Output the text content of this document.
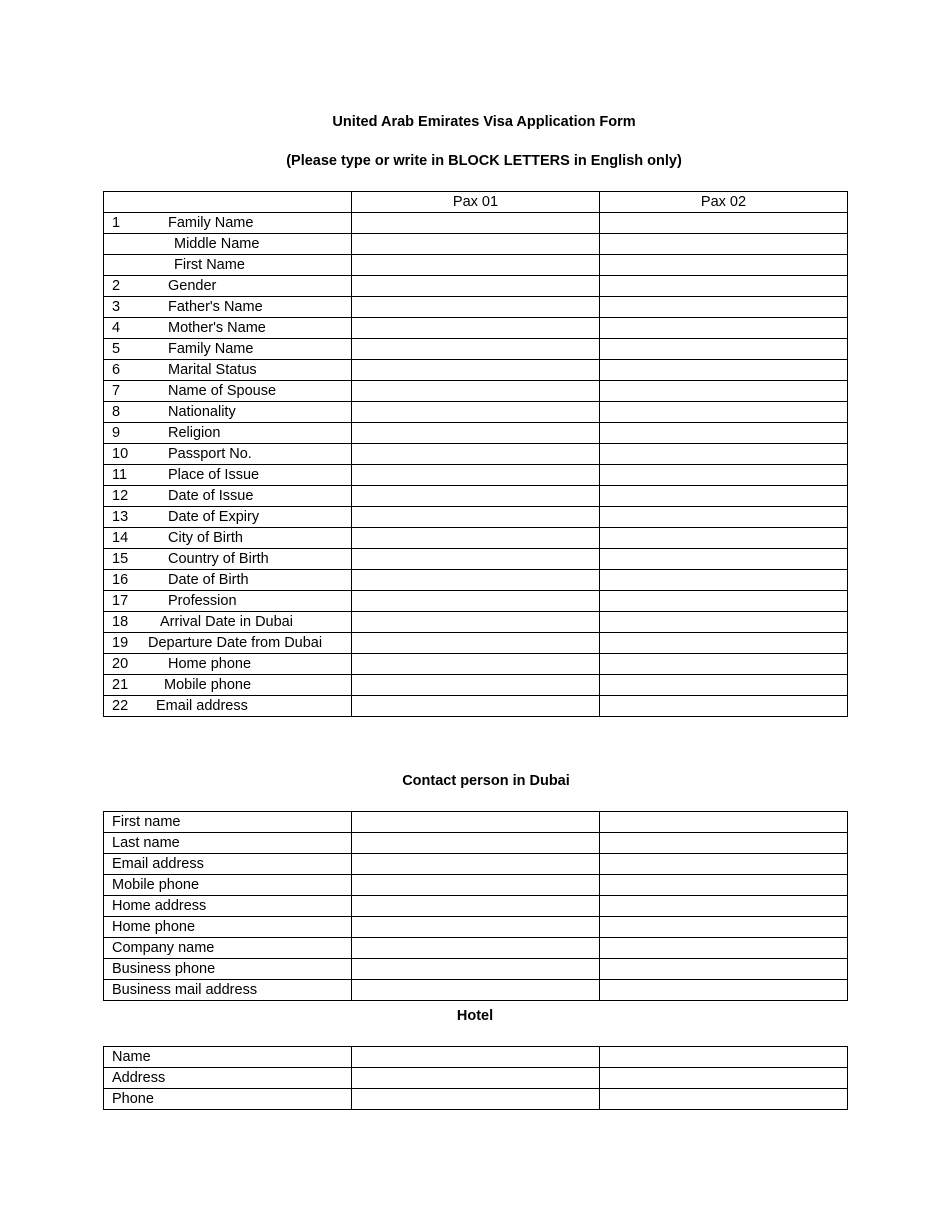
United Arab Emirates Visa Application Form
(Please type or write in BLOCK LETTERS in English only)
	Pax 01	Pax 02
1 Family Name		
Middle Name		
First Name		
2 Gender		
3 Father's Name		
4 Mother's Name		
5 Family Name		
6 Marital Status		
7 Name of Spouse		
8 Nationality		
9 Religion		
10 Passport No.		
11 Place of Issue		
12 Date of Issue		
13 Date of Expiry		
14 City of Birth		
15 Country of Birth		
16 Date of Birth		
17 Profession		
18 Arrival Date in Dubai		
19 Departure Date from Dubai		
20 Home phone		
21 Mobile phone		
22 Email address		
Contact person in Dubai
First name		
Last name		
Email address		
Mobile phone		
Home address		
Home phone		
Company name		
Business phone		
Business mail address		
Hotel
Name		
Address		
Phone		
